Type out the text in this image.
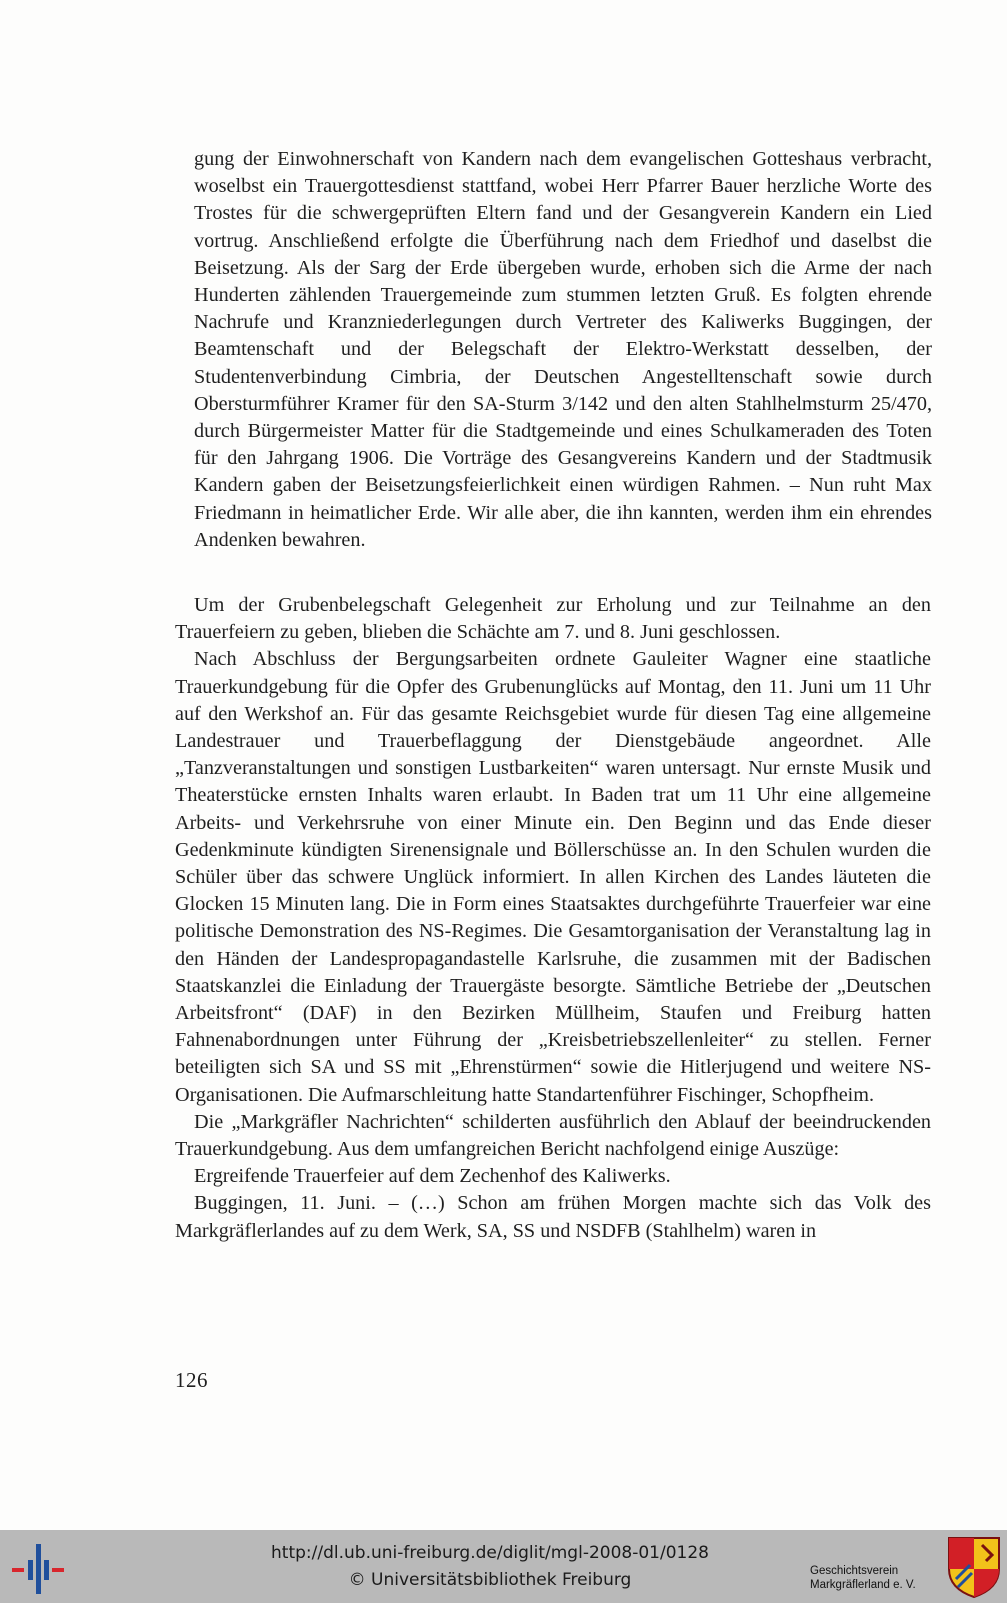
gung der Einwohnerschaft von Kandern nach dem evangelischen Gotteshaus verbracht, woselbst ein Trauergottesdienst stattfand, wobei Herr Pfarrer Bauer herzliche Worte des Trostes für die schwergeprüften Eltern fand und der Gesangverein Kandern ein Lied vortrug. Anschließend erfolgte die Überführung nach dem Friedhof und daselbst die Beisetzung. Als der Sarg der Erde übergeben wurde, erhoben sich die Arme der nach Hunderten zählenden Trauergemeinde zum stummen letzten Gruß. Es folgten ehrende Nachrufe und Kranzniederlegungen durch Vertreter des Kaliwerks Buggingen, der Beamtenschaft und der Belegschaft der Elektro-Werkstatt desselben, der Studentenverbindung Cimbria, der Deutschen Angestelltenschaft sowie durch Obersturmführer Kramer für den SA-Sturm 3/142 und den alten Stahlhelmsturm 25/470, durch Bürgermeister Matter für die Stadtgemeinde und eines Schulkameraden des Toten für den Jahrgang 1906. Die Vorträge des Gesangvereins Kandern und der Stadtmusik Kandern gaben der Beisetzungsfeierlichkeit einen würdigen Rahmen. – Nun ruht Max Friedmann in heimatlicher Erde. Wir alle aber, die ihn kannten, werden ihm ein ehrendes Andenken bewahren.

Um der Grubenbelegschaft Gelegenheit zur Erholung und zur Teilnahme an den Trauerfeiern zu geben, blieben die Schächte am 7. und 8. Juni geschlossen.

Nach Abschluss der Bergungsarbeiten ordnete Gauleiter Wagner eine staatliche Trauerkundgebung für die Opfer des Grubenunglücks auf Montag, den 11. Juni um 11 Uhr auf den Werkshof an. Für das gesamte Reichsgebiet wurde für diesen Tag eine allgemeine Landestrauer und Trauerbeflaggung der Dienstgebäude angeordnet. Alle „Tanzveranstaltungen und sonstigen Lustbarkeiten“ waren untersagt. Nur ernste Musik und Theaterstücke ernsten Inhalts waren erlaubt. In Baden trat um 11 Uhr eine allgemeine Arbeits- und Verkehrsruhe von einer Minute ein. Den Beginn und das Ende dieser Gedenkminute kündigten Sirenensignale und Böllerschüsse an. In den Schulen wurden die Schüler über das schwere Unglück informiert. In allen Kirchen des Landes läuteten die Glocken 15 Minuten lang. Die in Form eines Staatsaktes durchgeführte Trauerfeier war eine politische Demonstration des NS-Regimes. Die Gesamtorganisation der Veranstaltung lag in den Händen der Landespropagandastelle Karlsruhe, die zusammen mit der Badischen Staatskanzlei die Einladung der Trauergäste besorgte. Sämtliche Betriebe der „Deutschen Arbeitsfront“ (DAF) in den Bezirken Müllheim, Staufen und Freiburg hatten Fahnenabordnungen unter Führung der „Kreisbetriebszellenleiter“ zu stellen. Ferner beteiligten sich SA und SS mit „Ehrenstürmen“ sowie die Hitlerjugend und weitere NS-Organisationen. Die Aufmarschleitung hatte Standartenführer Fischinger, Schopfheim.

Die „Markgräfler Nachrichten“ schilderten ausführlich den Ablauf der beeindruckenden Trauerkundgebung. Aus dem umfangreichen Bericht nachfolgend einige Auszüge:

Ergreifende Trauerfeier auf dem Zechenhof des Kaliwerks.

Buggingen, 11. Juni. – (…) Schon am frühen Morgen machte sich das Volk des Markgräflerlandes auf zu dem Werk, SA, SS und NSDFB (Stahlhelm) waren in

126
http://dl.ub.uni-freiburg.de/diglit/mgl-2008-01/0128
© Universitätsbibliothek Freiburg	Geschichtsverein
Markgräflerland e. V.
